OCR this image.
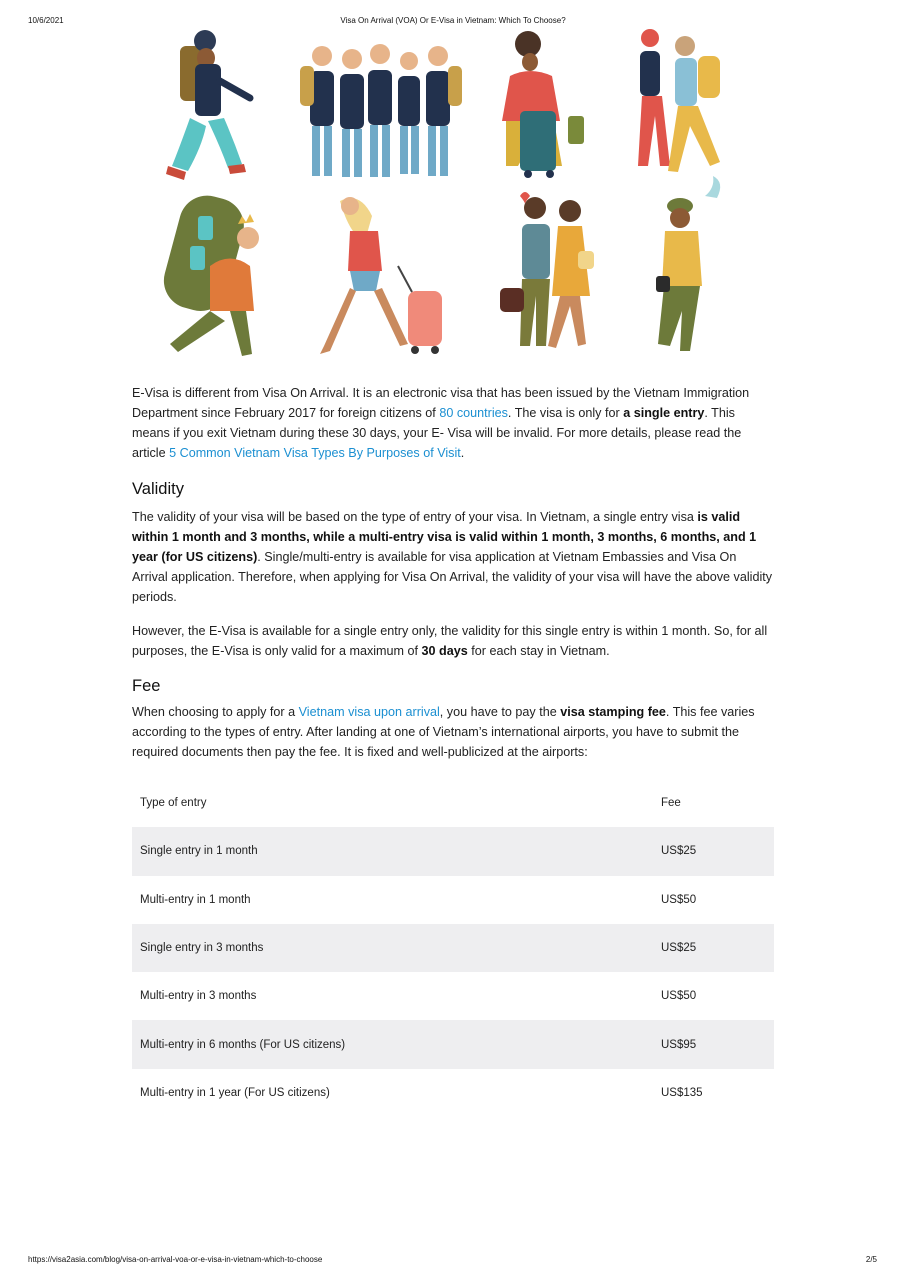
10/6/2021	Visa On Arrival (VOA) Or E-Visa in Vietnam: Which To Choose?

E-Visa is different from Visa On Arrival. It is an electronic visa that has been issued by the Vietnam Immigration Department since February 2017 for foreign citizens of 80 countries. The visa is only for a single entry. This means if you exit Vietnam during these 30 days, your E- Visa will be invalid. For more details, please read the article 5 Common Vietnam Visa Types By Purposes of Visit.

Validity

The validity of your visa will be based on the type of entry of your visa. In Vietnam, a single entry visa is valid within 1 month and 3 months, while a multi-entry visa is valid within 1 month, 3 months, 6 months, and 1 year (for US citizens). Single/multi-entry is available for visa application at Vietnam Embassies and Visa On Arrival application. Therefore, when applying for Visa On Arrival, the validity of your visa will have the above validity periods.

However, the E-Visa is available for a single entry only, the validity for this single entry is within 1 month. So, for all purposes, the E-Visa is only valid for a maximum of 30 days for each stay in Vietnam.

Fee

When choosing to apply for a Vietnam visa upon arrival, you have to pay the visa stamping fee. This fee varies according to the types of entry. After landing at one of Vietnam’s international airports, you have to submit the required documents then pay the fee. It is fixed and well-publicized at the airports:

Type of entry	Fee
Single entry in 1 month	US$25
Multi-entry in 1 month	US$50
Single entry in 3 months	US$25
Multi-entry in 3 months	US$50
Multi-entry in 6 months (For US citizens)	US$95
Multi-entry in 1 year (For US citizens)	US$135
https://visa2asia.com/blog/visa-on-arrival-voa-or-e-visa-in-vietnam-which-to-choose	2/5
